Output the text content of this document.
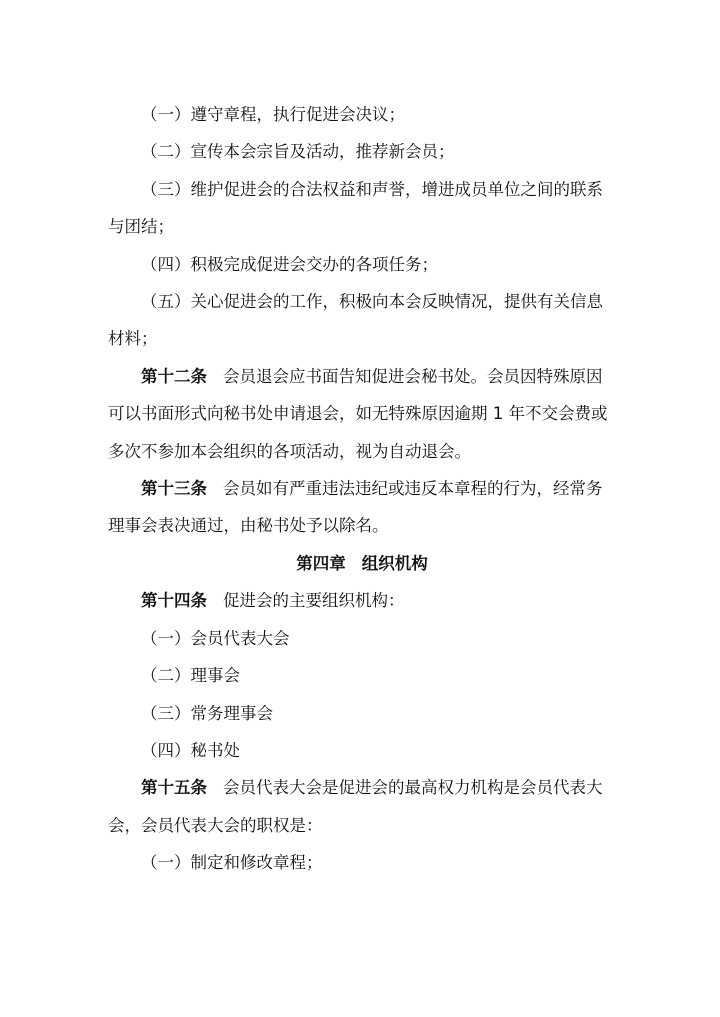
（一）遵守章程，执行促进会决议；

（二）宣传本会宗旨及活动，推荐新会员；

（三）维护促进会的合法权益和声誉，增进成员单位之间的联系与团结；

（四）积极完成促进会交办的各项任务；

（五）关心促进会的工作，积极向本会反映情况，提供有关信息材料；

第十二条 会员退会应书面告知促进会秘书处。会员因特殊原因可以书面形式向秘书处申请退会，如无特殊原因逾期 1 年不交会费或多次不参加本会组织的各项活动，视为自动退会。

第十三条 会员如有严重违法违纪或违反本章程的行为，经常务理事会表决通过，由秘书处予以除名。

第四章 组织机构

第十四条 促进会的主要组织机构：

（一）会员代表大会

（二）理事会

（三）常务理事会

（四）秘书处

第十五条 会员代表大会是促进会的最高权力机构是会员代表大会，会员代表大会的职权是：

（一）制定和修改章程；
